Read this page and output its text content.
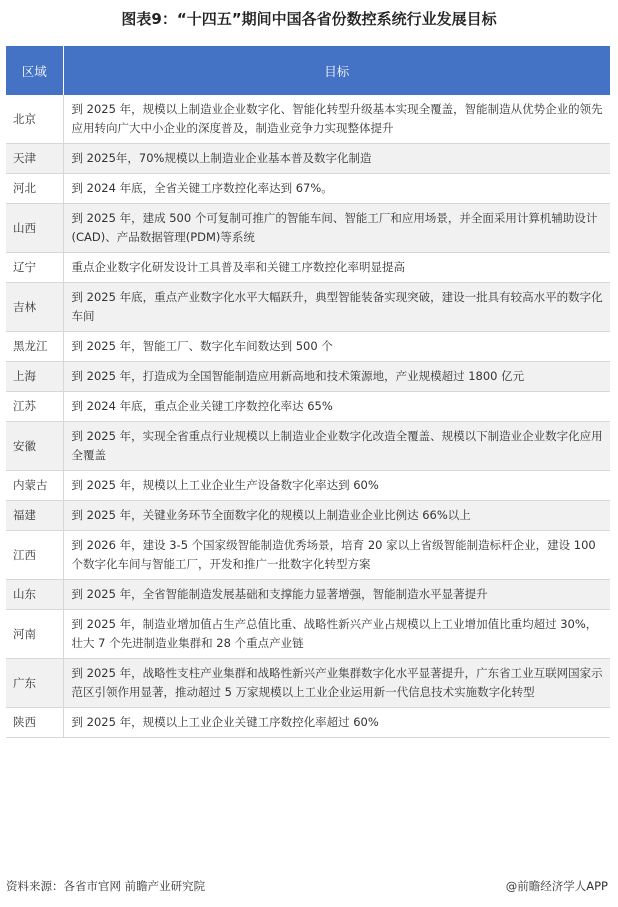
图表9：“十四五”期间中国各省份数控系统行业发展目标
区域	目标
北京	到 2025 年，规模以上制造业企业数字化、智能化转型升级基本实现全覆盖，智能制造从优势企业的领先应用转向广大中小企业的深度普及，制造业竞争力实现整体提升
天津	到 2025年，70%规模以上制造业企业基本普及数字化制造
河北	到 2024 年底，全省关键工序数控化率达到 67%。
山西	到 2025 年，建成 500 个可复制可推广的智能车间、智能工厂和应用场景，并全面采用计算机辅助设计(CAD)、产品数据管理(PDM)等系统
辽宁	重点企业数字化研发设计工具普及率和关键工序数控化率明显提高
吉林	到 2025 年底，重点产业数字化水平大幅跃升，典型智能装备实现突破，建设一批具有较高水平的数字化车间
黑龙江	到 2025 年，智能工厂、数字化车间数达到 500 个
上海	到 2025 年，打造成为全国智能制造应用新高地和技术策源地，产业规模超过 1800 亿元
江苏	到 2024 年底，重点企业关键工序数控化率达 65%
安徽	到 2025 年，实现全省重点行业规模以上制造业企业数字化改造全覆盖、规模以下制造业企业数字化应用全覆盖
内蒙古	到 2025 年，规模以上工业企业生产设备数字化率达到 60%
福建	到 2025 年，关键业务环节全面数字化的规模以上制造业企业比例达 66%以上
江西	到 2026 年，建设 3-5 个国家级智能制造优秀场景，培育 20 家以上省级智能制造标杆企业，建设 100 个数字化车间与智能工厂，开发和推广一批数字化转型方案
山东	到 2025 年，全省智能制造发展基础和支撑能力显著增强，智能制造水平显著提升
河南	到 2025 年，制造业增加值占生产总值比重、战略性新兴产业占规模以上工业增加值比重均超过 30%，壮大 7 个先进制造业集群和 28 个重点产业链
广东	到 2025 年，战略性支柱产业集群和战略性新兴产业集群数字化水平显著提升，广东省工业互联网国家示范区引领作用显著，推动超过 5 万家规模以上工业企业运用新一代信息技术实施数字化转型
陕西	到 2025 年，规模以上工业企业关键工序数控化率超过 60%
资料来源：各省市官网 前瞻产业研究院	@前瞻经济学人APP
